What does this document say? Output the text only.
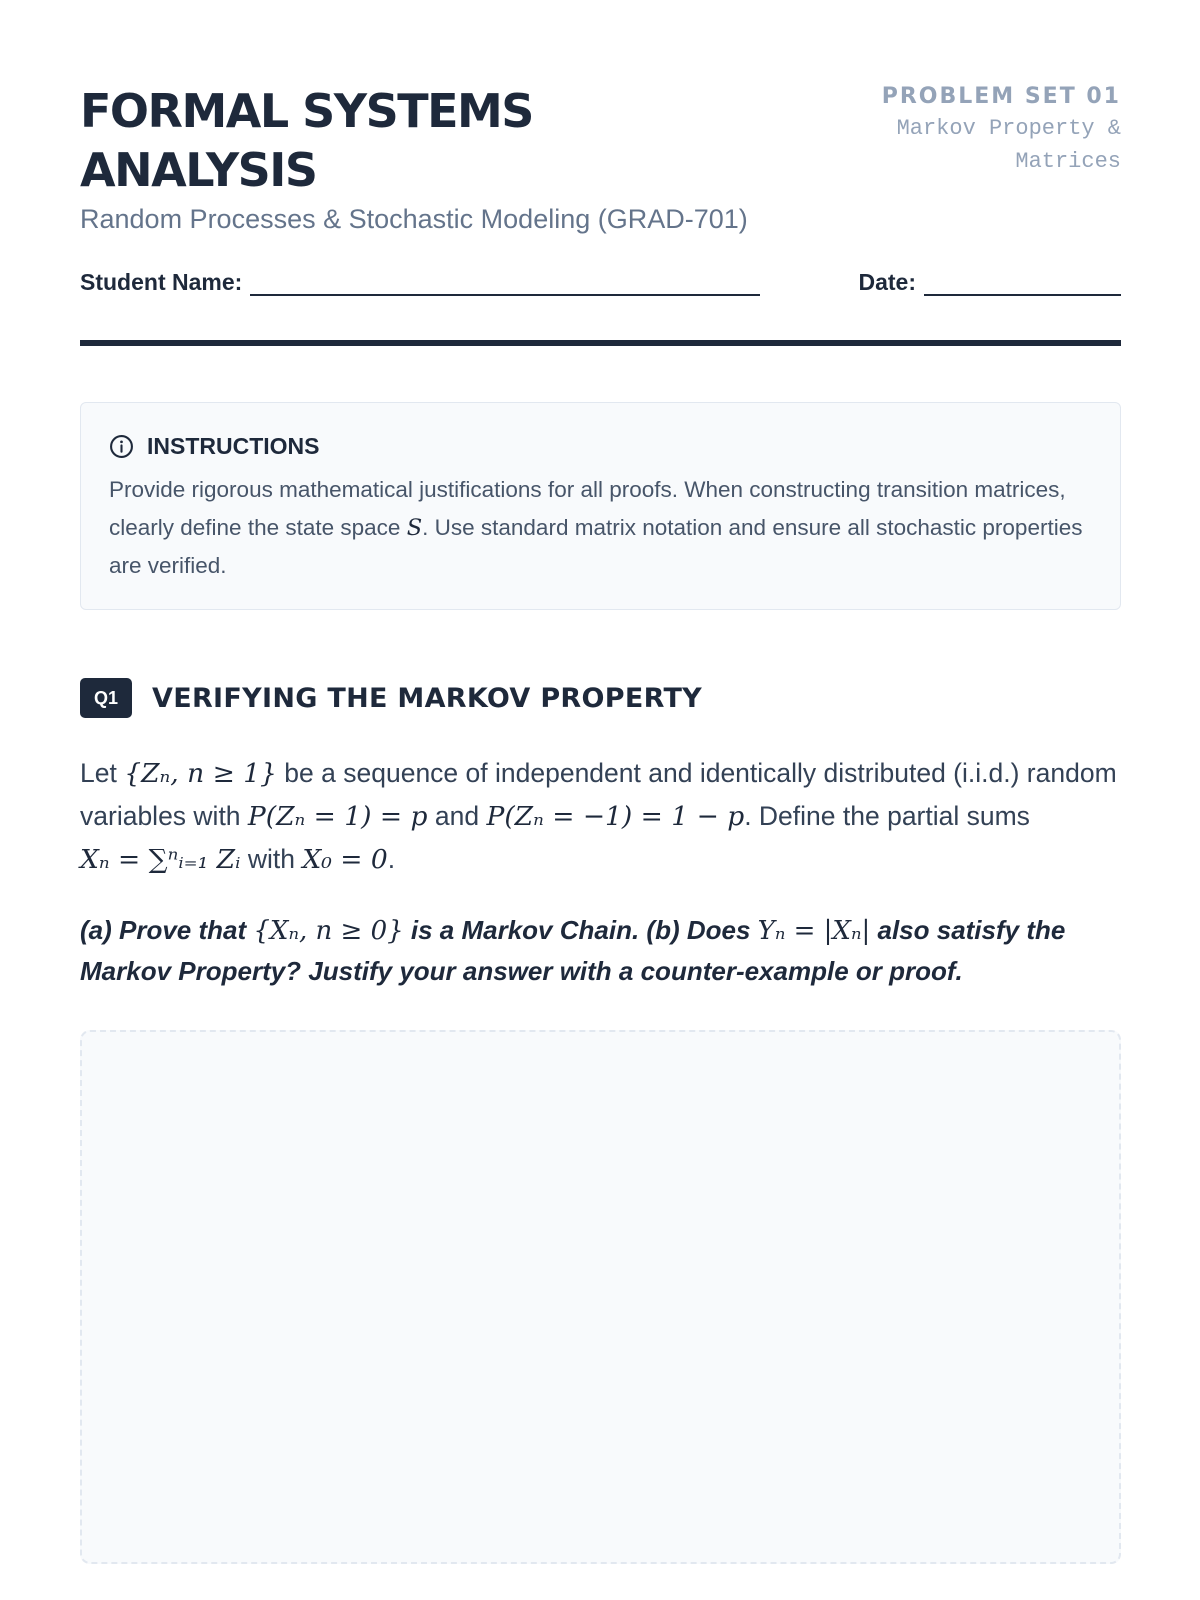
FORMAL SYSTEMS ANALYSIS
Random Processes & Stochastic Modeling (GRAD-701)
PROBLEM SET 01
Markov Property & Matrices
Student Name:	Date:
INSTRUCTIONS
Provide rigorous mathematical justifications for all proofs. When constructing transition matrices, clearly define the state space S. Use standard matrix notation and ensure all stochastic properties are verified.
Q1	VERIFYING THE MARKOV PROPERTY

Let {Zₙ, n ≥ 1} be a sequence of independent and identically distributed (i.i.d.) random variables with P(Zₙ = 1) = p and P(Zₙ = −1) = 1 − p. Define the partial sums Xₙ = ∑ⁿᵢ₌₁ Zᵢ with X₀ = 0.

(a) Prove that {Xₙ, n ≥ 0} is a Markov Chain. (b) Does Yₙ = |Xₙ| also satisfy the Markov Property? Justify your answer with a counter-example or proof.
